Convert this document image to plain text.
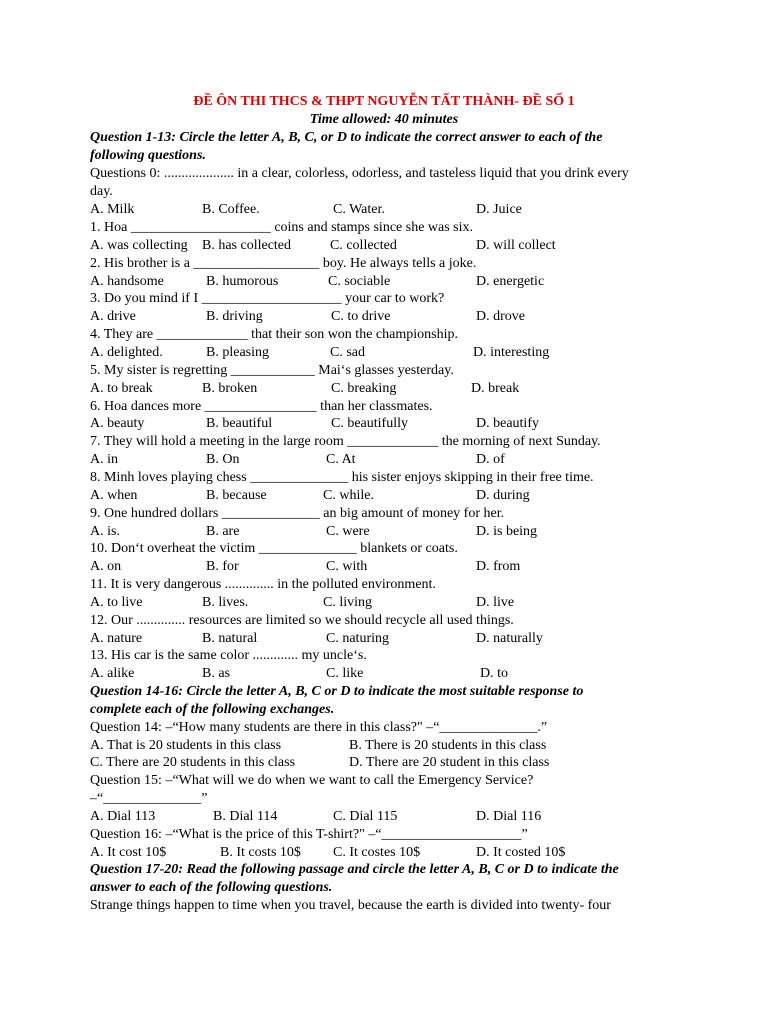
ĐỀ ÔN THI THCS & THPT NGUYỄN TẤT THÀNH- ĐỀ SỐ 1
Time allowed: 40 minutes
Question 1-13: Circle the letter A, B, C, or D to indicate the correct answer to each of the
following questions.
Questions 0: .................... in a clear, colorless, odorless, and tasteless liquid that you drink every
day.
A. Milk	B. Coffee.	C. Water.	D. Juice
1. Hoa ____________________ coins and stamps since she was six.
A. was collecting B. has collected	C. collected	D. will collect
2. His brother is a __________________ boy. He always tells a joke.
A. handsome	B. humorous	C. sociable	D. energetic
3. Do you mind if I ____________________ your car to work?
A. drive	B. driving	C. to drive	D. drove
4. They are _____________ that their son won the championship.
A. delighted.	B. pleasing	C. sad	D. interesting
5. My sister is regretting ____________ Mai‘s glasses yesterday.
A. to break	B. broken	C. breaking	D. break
6. Hoa dances more ________________ than her classmates.
A. beauty	B. beautiful	C. beautifully	D. beautify
7. They will hold a meeting in the large room _____________ the morning of next Sunday.
A. in	B. On	C. At	D. of
8. Minh loves playing chess ______________ his sister enjoys skipping in their free time.
A. when	B. because	C. while.	D. during
9. One hundred dollars ______________ an big amount of money for her.
A. is.	B. are	C. were	D. is being
10. Don‘t overheat the victim ______________ blankets or coats.
A. on	B. for	C. with	D. from
11. It is very dangerous .............. in the polluted environment.
A. to live	B. lives.	C. living	D. live
12. Our .............. resources are limited so we should recycle all used things.
A. nature	B. natural	C. naturing	D. naturally
13. His car is the same color ............. my uncle‘s.
A. alike	B. as	C. like	D. to
Question 14-16: Circle the letter A, B, C or D to indicate the most suitable response to
complete each of the following exchanges.
Question 14: –“How many students are there in this class?" –“______________.”
A. That is 20 students in this class	B. There is 20 students in this class
C. There are 20 students in this class	D. There are 20 student in this class
Question 15: –“What will we do when we want to call the Emergency Service?
–“______________”
A. Dial 113	B. Dial 114	C. Dial 115	D. Dial 116
Question 16: –“What is the price of this T-shirt?" –“____________________”
A. It cost 10$	B. It costs 10$ C. It costes 10$	D. It costed 10$
Question 17-20: Read the following passage and circle the letter A, B, C or D to indicate the
answer to each of the following questions.
Strange things happen to time when you travel, because the earth is divided into twenty- four
